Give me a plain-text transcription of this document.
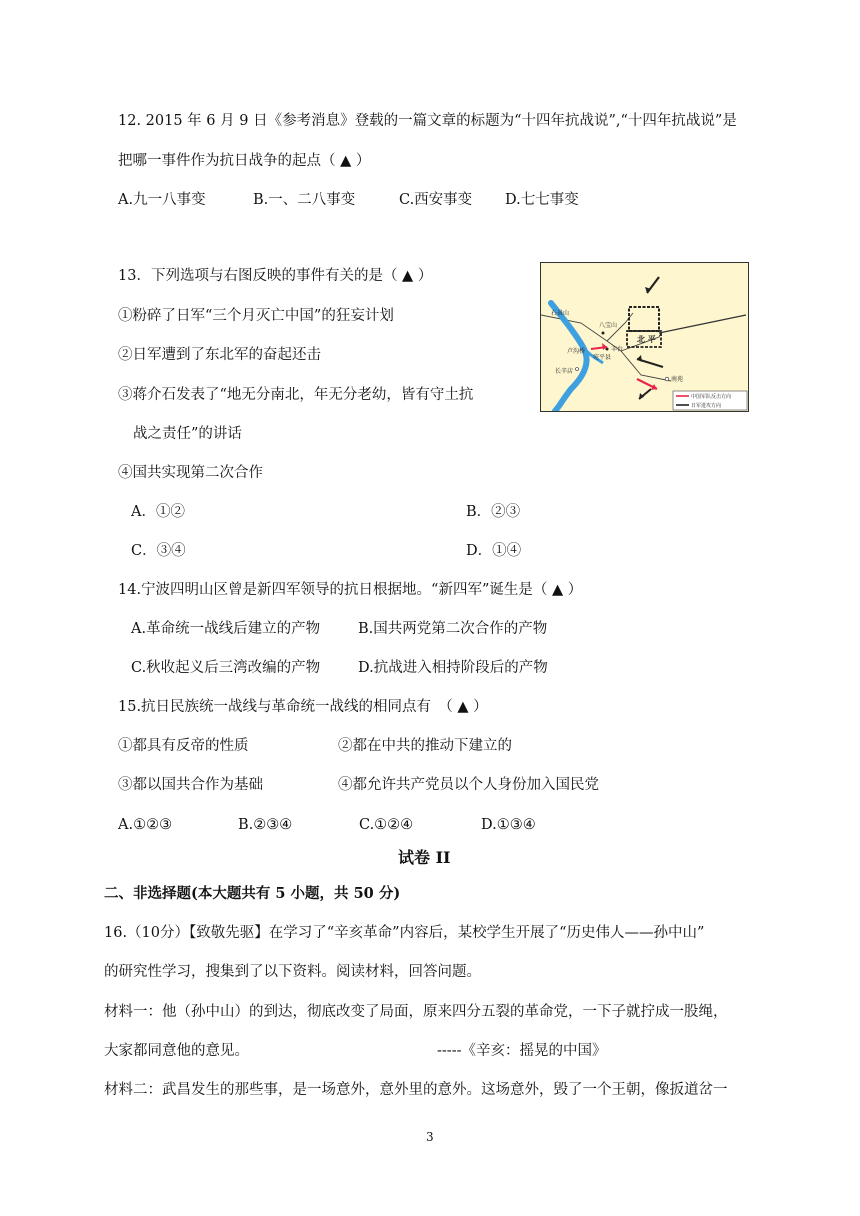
12. 2015 年 6 月 9 日《参考消息》登载的一篇文章的标题为“十四年抗战说”,“十四年抗战说”是
把哪一事件作为抗日战争的起点（ ▲ ）
A.九一八事变	B.一、二八事变	C.西安事变 D.七七事变
13．下列选项与右图反映的事件有关的是（ ▲ ）
①粉碎了日军“三个月灭亡中国”的狂妄计划
②日军遭到了东北军的奋起还击
③蒋介石发表了“地无分南北，年无分老幼，皆有守土抗
战之责任”的讲话
④国共实现第二次合作
A．①②	B．②③
C．③④	D．①④
北 平
石景山
八宝山
卢沟桥
宛平县
丰台
长辛店
南苑
中国军队反击方向
日军进攻方向
14.宁波四明山区曾是新四军领导的抗日根据地。“新四军”诞生是（ ▲ ）
A.革命统一战线后建立的产物	B.国共两党第二次合作的产物
C.秋收起义后三湾改编的产物	D.抗战进入相持阶段后的产物
15.抗日民族统一战线与革命统一战线的相同点有　（ ▲ ）
①都具有反帝的性质	②都在中共的推动下建立的
③都以国共合作为基础	④都允许共产党员以个人身份加入国民党
A.①②③	B.②③④	C.①②④	D.①③④
试卷 II
二、非选择题(本大题共有 5 小题，共 50 分)
16.（10分）【致敬先驱】在学习了“辛亥革命”内容后，某校学生开展了“历史伟人——孙中山”
的研究性学习，搜集到了以下资料。阅读材料，回答问题。
材料一：他（孙中山）的到达，彻底改变了局面，原来四分五裂的革命党，一下子就拧成一股绳，
大家都同意他的意见。	-----《辛亥：摇晃的中国》
材料二：武昌发生的那些事，是一场意外，意外里的意外。这场意外，毁了一个王朝，像扳道岔一
3
